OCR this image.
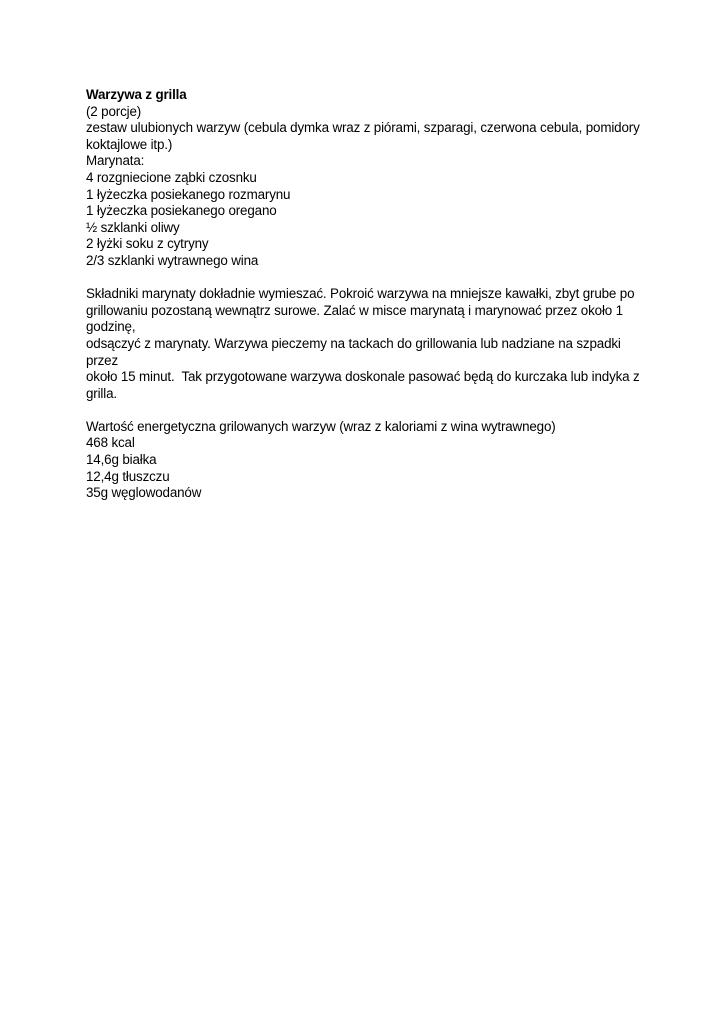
Warzywa z grilla
(2 porcje)
zestaw ulubionych warzyw (cebula dymka wraz z piórami, szparagi, czerwona cebula, pomidory
koktajlowe itp.)
Marynata:
4 rozgniecione ząbki czosnku
1 łyżeczka posiekanego rozmarynu
1 łyżeczka posiekanego oregano
½ szklanki oliwy
2 łyżki soku z cytryny
2/3 szklanki wytrawnego wina
Składniki marynaty dokładnie wymieszać. Pokroić warzywa na mniejsze kawałki, zbyt grube po
grillowaniu pozostaną wewnątrz surowe. Zalać w misce marynatą i marynować przez około 1 godzinę,
odsączyć z marynaty. Warzywa pieczemy na tackach do grillowania lub nadziane na szpadki przez
około 15 minut.  Tak przygotowane warzywa doskonale pasować będą do kurczaka lub indyka z grilla.
Wartość energetyczna grilowanych warzyw (wraz z kaloriami z wina wytrawnego)
468 kcal
14,6g białka
12,4g tłuszczu
35g węglowodanów
